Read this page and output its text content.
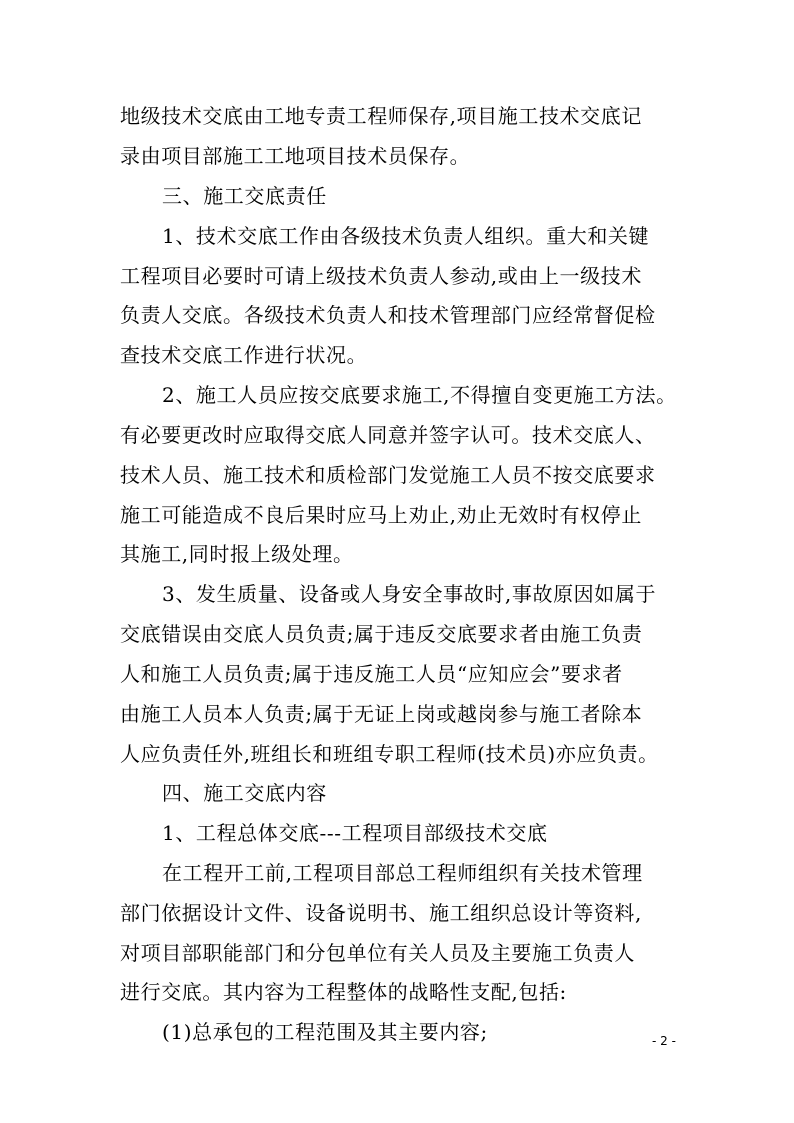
地级技术交底由工地专责工程师保存,项目施工技术交底记
录由项目部施工工地项目技术员保存。
三、施工交底责任
1、技术交底工作由各级技术负责人组织。重大和关键
工程项目必要时可请上级技术负责人参动,或由上一级技术
负责人交底。各级技术负责人和技术管理部门应经常督促检
查技术交底工作进行状况。
2、施工人员应按交底要求施工,不得擅自变更施工方法。
有必要更改时应取得交底人同意并签字认可。技术交底人、
技术人员、施工技术和质检部门发觉施工人员不按交底要求
施工可能造成不良后果时应马上劝止,劝止无效时有权停止
其施工,同时报上级处理。
3、发生质量、设备或人身安全事故时,事故原因如属于
交底错误由交底人员负责;属于违反交底要求者由施工负责
人和施工人员负责;属于违反施工人员“应知应会”要求者
由施工人员本人负责;属于无证上岗或越岗参与施工者除本
人应负责任外,班组长和班组专职工程师(技术员)亦应负责。
四、施工交底内容
1、工程总体交底---工程项目部级技术交底
在工程开工前,工程项目部总工程师组织有关技术管理
部门依据设计文件、设备说明书、施工组织总设计等资料,
对项目部职能部门和分包单位有关人员及主要施工负责人
进行交底。其内容为工程整体的战略性支配,包括:
(1)总承包的工程范围及其主要内容;	- 2 -
